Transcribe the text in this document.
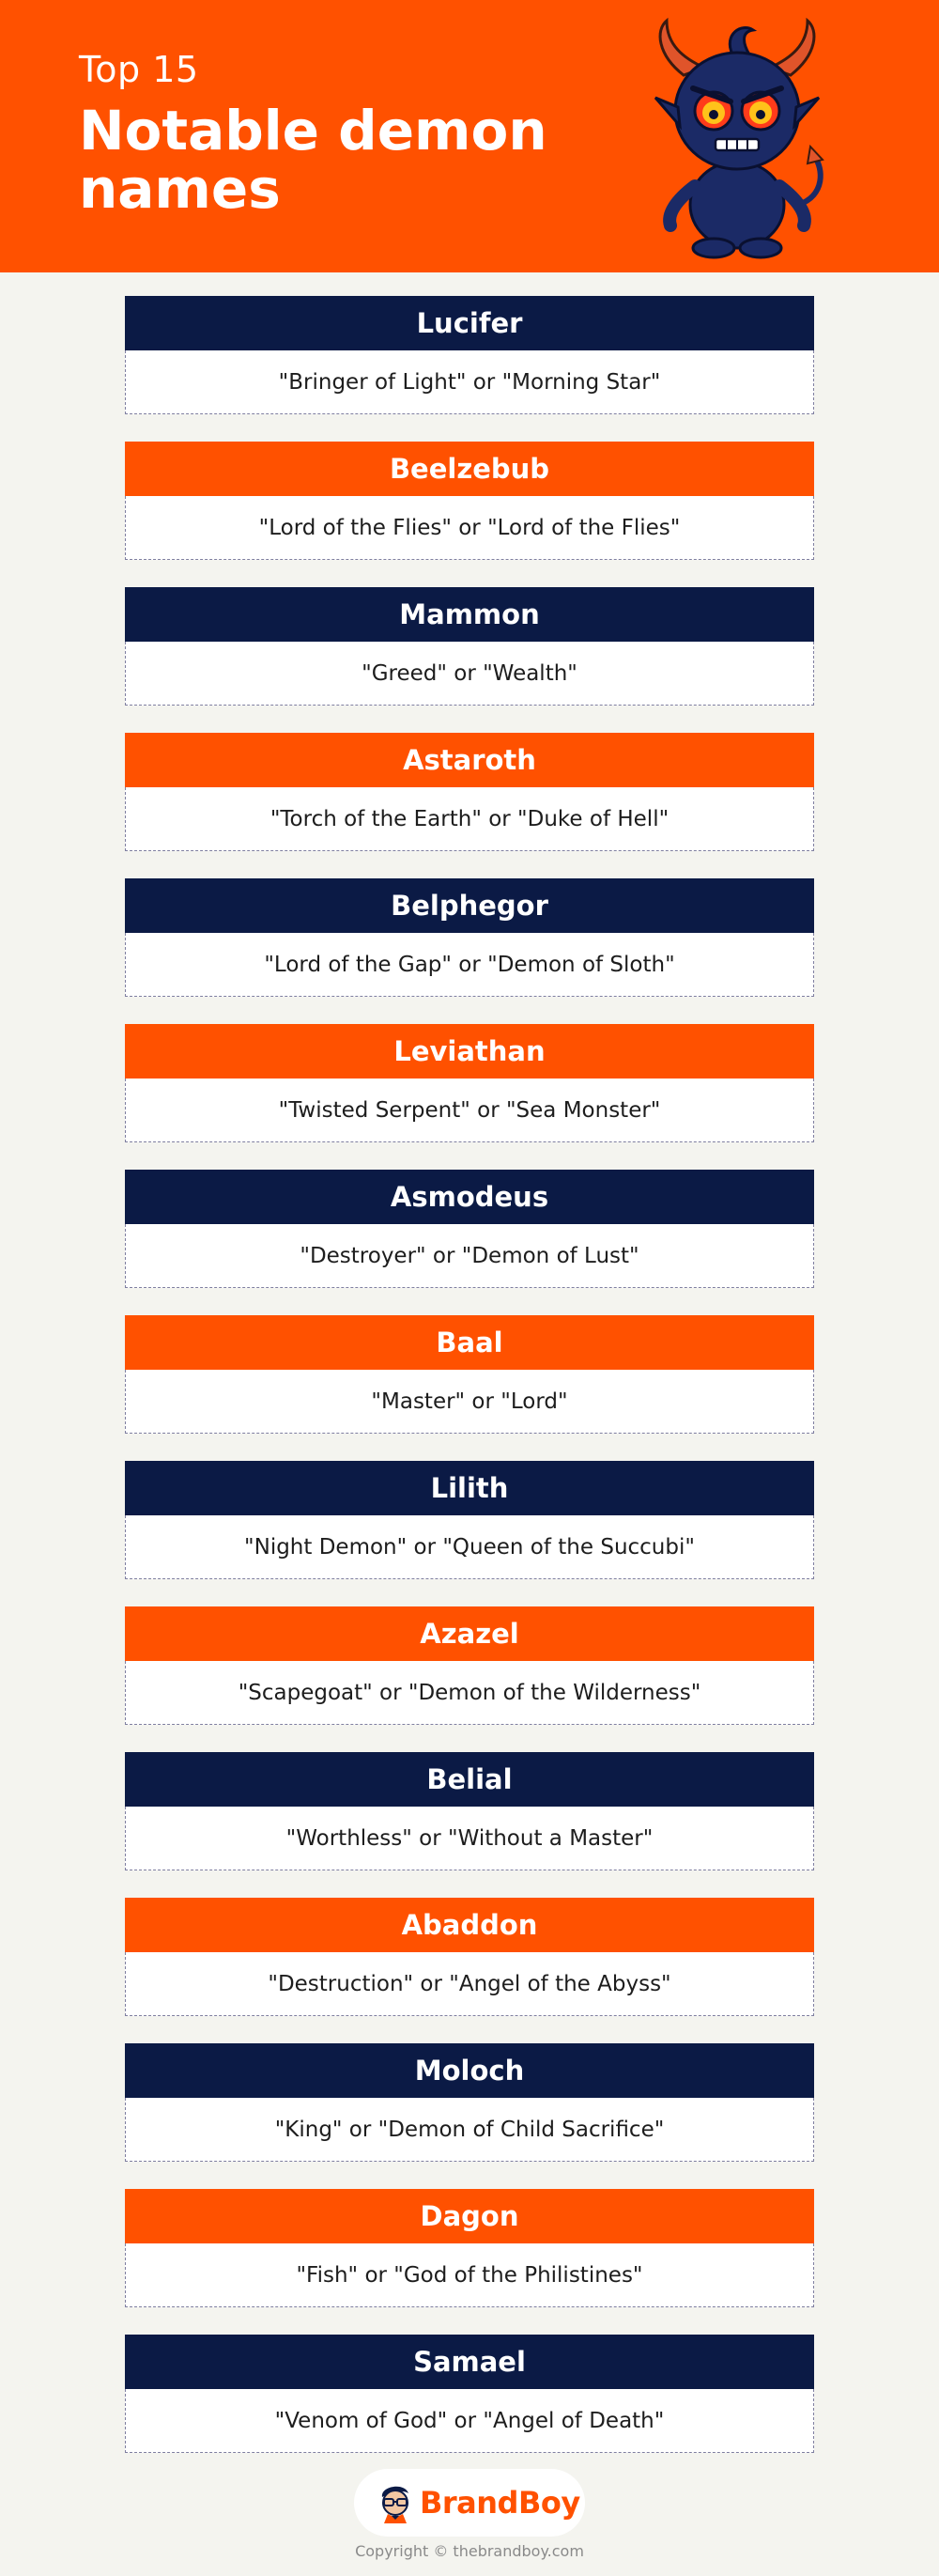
Top 15
Notable demon names
Lucifer
"Bringer of Light" or "Morning Star"
Beelzebub
"Lord of the Flies" or "Lord of the Flies"
Mammon
"Greed" or "Wealth"
Astaroth
"Torch of the Earth" or "Duke of Hell"
Belphegor
"Lord of the Gap" or "Demon of Sloth"
Leviathan
"Twisted Serpent" or "Sea Monster"
Asmodeus
"Destroyer" or "Demon of Lust"
Baal
"Master" or "Lord"
Lilith
"Night Demon" or "Queen of the Succubi"
Azazel
"Scapegoat" or "Demon of the Wilderness"
Belial
"Worthless" or "Without a Master"
Abaddon
"Destruction" or "Angel of the Abyss"
Moloch
"King" or "Demon of Child Sacrifice"
Dagon
"Fish" or "God of the Philistines"
Samael
"Venom of God" or "Angel of Death"
BrandBoy
Copyright © thebrandboy.com
